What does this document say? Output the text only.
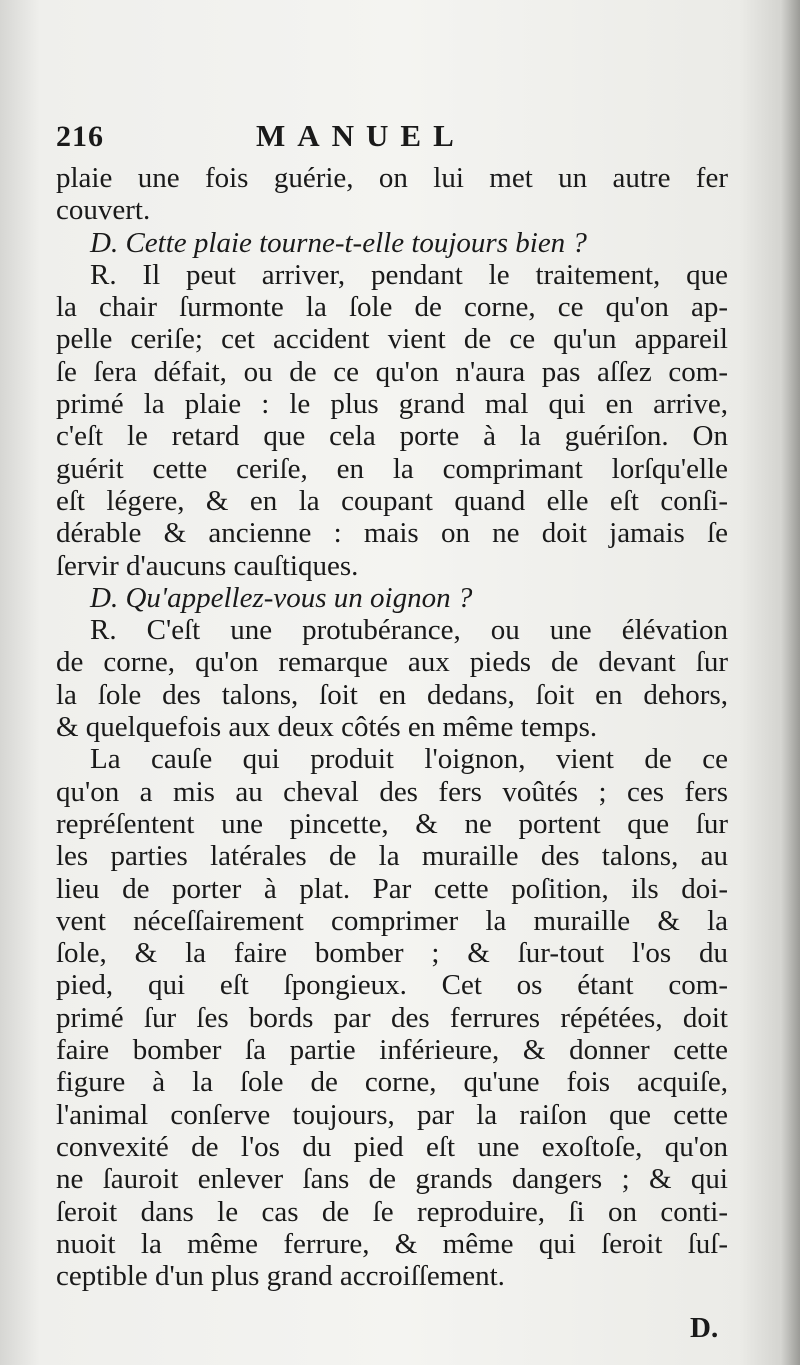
216	MANUEL
plaie une fois guérie, on lui met un autre fer
couvert.
D. Cette plaie tourne-t-elle toujours bien ?
R. Il peut arriver, pendant le traitement, que
la chair ſurmonte la ſole de corne, ce qu'on ap-
pelle ceriſe; cet accident vient de ce qu'un appareil
ſe ſera défait, ou de ce qu'on n'aura pas aſſez com-
primé la plaie : le plus grand mal qui en arrive,
c'eſt le retard que cela porte à la guériſon. On
guérit cette ceriſe, en la comprimant lorſqu'elle
eſt légere, & en la coupant quand elle eſt conſi-
dérable & ancienne : mais on ne doit jamais ſe
ſervir d'aucuns cauſtiques.
D. Qu'appellez-vous un oignon ?
R. C'eſt une protubérance, ou une élévation
de corne, qu'on remarque aux pieds de devant ſur
la ſole des talons, ſoit en dedans, ſoit en dehors,
& quelquefois aux deux côtés en même temps.
La cauſe qui produit l'oignon, vient de ce
qu'on a mis au cheval des fers voûtés ; ces fers
repréſentent une pincette, & ne portent que ſur
les parties latérales de la muraille des talons, au
lieu de porter à plat. Par cette poſition, ils doi-
vent néceſſairement comprimer la muraille & la
ſole, & la faire bomber ; & ſur-tout l'os du
pied, qui eſt ſpongieux. Cet os étant com-
primé ſur ſes bords par des ferrures répétées, doit
faire bomber ſa partie inférieure, & donner cette
figure à la ſole de corne, qu'une fois acquiſe,
l'animal conſerve toujours, par la raiſon que cette
convexité de l'os du pied eſt une exoſtoſe, qu'on
ne ſauroit enlever ſans de grands dangers ; & qui
ſeroit dans le cas de ſe reproduire, ſi on conti-
nuoit la même ferrure, & même qui ſeroit ſuſ-
ceptible d'un plus grand accroiſſement.
D.
